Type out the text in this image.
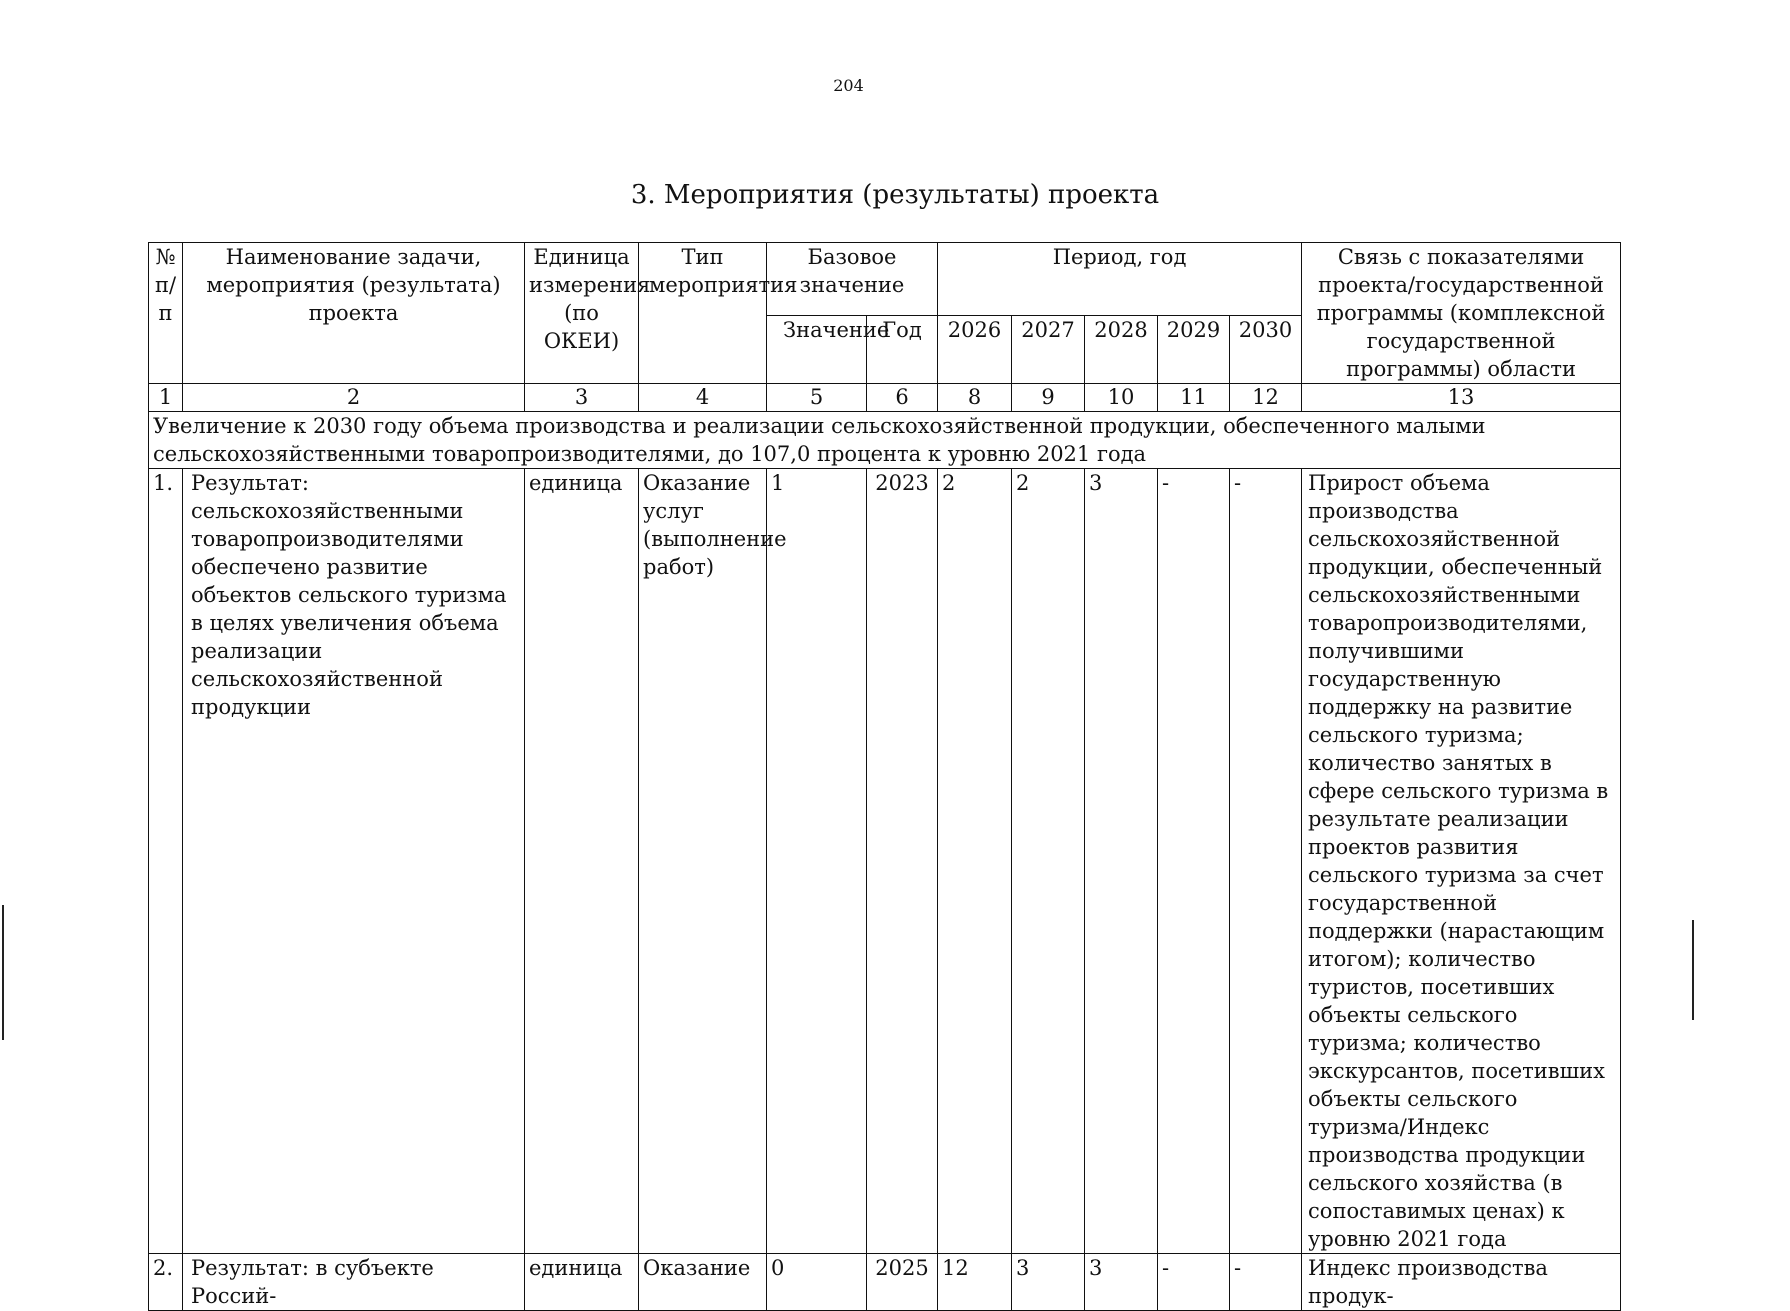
204
3. Мероприятия (результаты) проекта
№ п/п	Наименование задачи, мероприятия (результата) проекта	Единица измерения (по ОКЕИ)	Тип мероприятия	Базовое значение		Период, год					Связь с показателями проекта/государственной программы (комплексной государственной программы) области
				Значение	Год	2026	2027	2028	2029	2030	
1	2	3	4	5	6	8	9	10	11	12	13
Увеличение к 2030 году объема производства и реализации сельскохозяйственной продукции, обеспеченного малыми сельскохозяйственными товаропроизводителями, до 107,0 процента к уровню 2021 года											
1.	Результат: сельскохозяйственными товаропроизводителями обеспечено развитие объектов сельского туризма в целях увеличения объема реализации сельскохозяйственной продукции	единица	Оказание услуг (выполнение работ)	1	2023	2	2	3	-	-	Прирост объема производства сельскохозяйственной продукции, обеспеченный сельскохозяйственными товаропроизводителями, получившими государственную поддержку на развитие сельского туризма; количество занятых в сфере сельского туризма в результате реализации проектов развития сельского туризма за счет государственной поддержки (нарастающим итогом); количество туристов, посетивших объекты сельского туризма; количество экскурсантов, посетивших объекты сельского туризма/Индекс производства продукции сельского хозяйства (в сопоставимых ценах) к уровню 2021 года
2.	Результат: в субъекте Россий-	единица	Оказание	0	2025	12	3	3	-	-	Индекс производства продук-
